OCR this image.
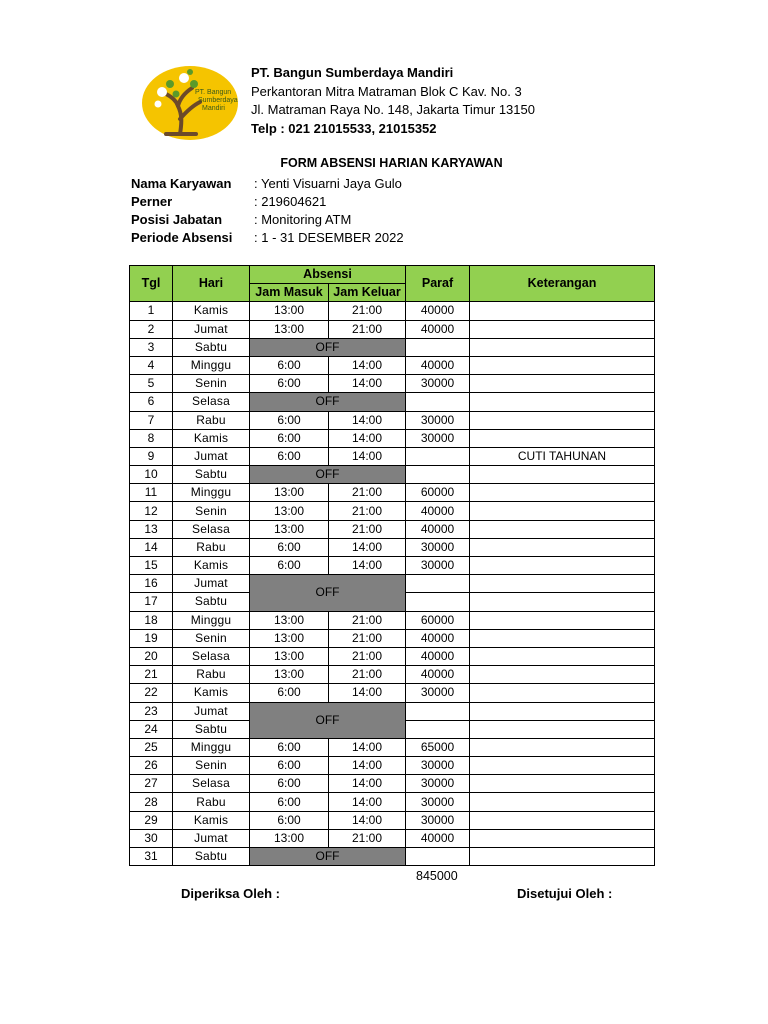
PT. Bangun
Sumberdaya
Mandiri
PT. Bangun Sumberdaya Mandiri
Perkantoran Mitra Matraman Blok C Kav. No. 3
Jl. Matraman Raya No. 148, Jakarta Timur 13150
Telp : 021 21015533, 21015352
FORM ABSENSI HARIAN KARYAWAN
Nama Karyawan	: Yenti Visuarni Jaya Gulo
Perner	: 219604621
Posisi Jabatan	: Monitoring ATM
Periode Absensi	: 1 - 31 DESEMBER 2022
Tgl	Hari	Absensi		Paraf	Keterangan
		Jam Masuk	Jam Keluar		
1	Kamis	13:00	21:00	40000	
2	Jumat	13:00	21:00	40000	
3	Sabtu	OFF			
4	Minggu	6:00	14:00	40000	
5	Senin	6:00	14:00	30000	
6	Selasa	OFF			
7	Rabu	6:00	14:00	30000	
8	Kamis	6:00	14:00	30000	
9	Jumat	6:00	14:00		CUTI TAHUNAN
10	Sabtu	OFF			
11	Minggu	13:00	21:00	60000	
12	Senin	13:00	21:00	40000	
13	Selasa	13:00	21:00	40000	
14	Rabu	6:00	14:00	30000	
15	Kamis	6:00	14:00	30000	
16	Jumat	OFF			
17	Sabtu				
18	Minggu	13:00	21:00	60000	
19	Senin	13:00	21:00	40000	
20	Selasa	13:00	21:00	40000	
21	Rabu	13:00	21:00	40000	
22	Kamis	6:00	14:00	30000	
23	Jumat	OFF			
24	Sabtu				
25	Minggu	6:00	14:00	65000	
26	Senin	6:00	14:00	30000	
27	Selasa	6:00	14:00	30000	
28	Rabu	6:00	14:00	30000	
29	Kamis	6:00	14:00	30000	
30	Jumat	13:00	21:00	40000	
31	Sabtu	OFF			
845000
Diperiksa Oleh :	Disetujui Oleh :
